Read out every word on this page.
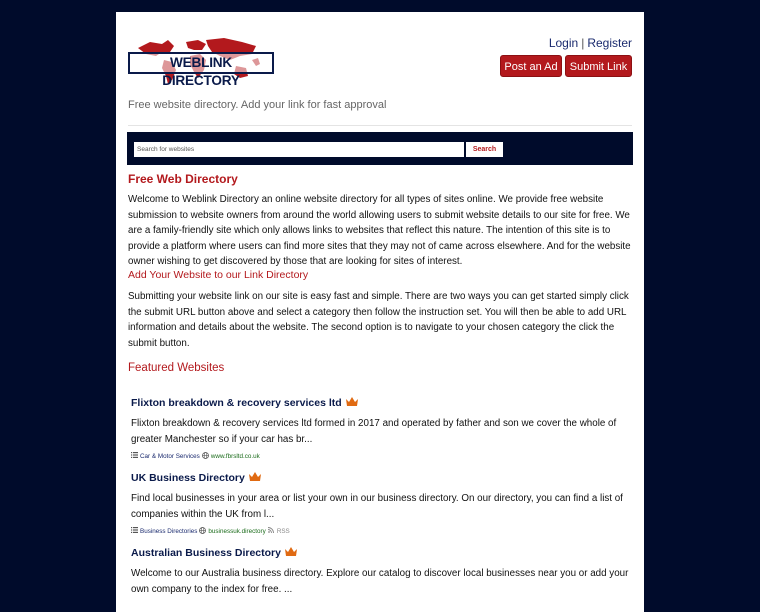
WEBLINK DIRECTORY
Login | Register
Post an Ad	Submit Link
Free website directory. Add your link for fast approval
Search for websites
Search
Free Web Directory
Welcome to Weblink Directory an online website directory for all types of sites online. We provide free website submission to website owners from around the world allowing users to submit website details to our site for free. We are a family-friendly site which only allows links to websites that reflect this nature. The intention of this site is to provide a platform where users can find more sites that they may not of came across elsewhere. And for the website owner wishing to get discovered by those that are looking for sites of interest.
Add Your Website to our Link Directory
Submitting your website link on our site is easy fast and simple. There are two ways you can get started simply click the submit URL button above and select a category then follow the instruction set. You will then be able to add URL information and details about the website. The second option is to navigate to your chosen category the click the submit button.
Featured Websites
Flixton breakdown & recovery services ltd
Flixton breakdown & recovery services ltd formed in 2017 and operated by father and son we cover the whole of greater Manchester so if your car has br...
Car & Motor Services www.fbrsltd.co.uk
UK Business Directory
Find local businesses in your area or list your own in our business directory. On our directory, you can find a list of companies within the UK from l...
Business Directories businessuk.directory RSS
Australian Business Directory
Welcome to our Australia business directory. Explore our catalog to discover local businesses near you or add your own company to the index for free. ...
